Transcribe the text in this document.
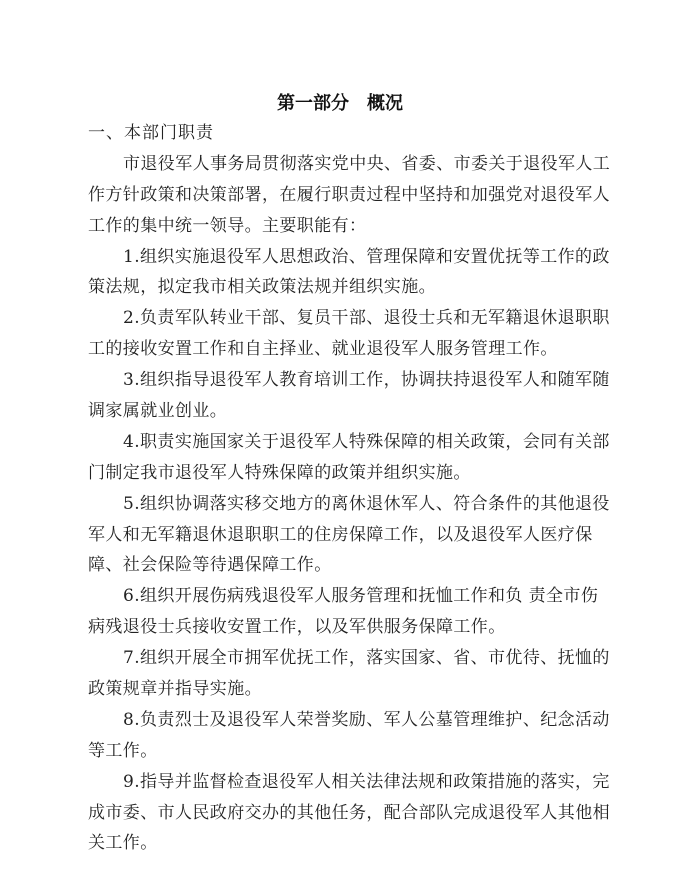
第一部分　概况
一、本部门职责
市退役军人事务局贯彻落实党中央、省委、市委关于退役军人工
作方针政策和决策部署，在履行职责过程中坚持和加强党对退役军人
工作的集中统一领导。主要职能有：
1.组织实施退役军人思想政治、管理保障和安置优抚等工作的政
策法规，拟定我市相关政策法规并组织实施。
2.负责军队转业干部、复员干部、退役士兵和无军籍退休退职职
工的接收安置工作和自主择业、就业退役军人服务管理工作。
3.组织指导退役军人教育培训工作，协调扶持退役军人和随军随
调家属就业创业。
4.职责实施国家关于退役军人特殊保障的相关政策，会同有关部
门制定我市退役军人特殊保障的政策并组织实施。
5.组织协调落实移交地方的离休退休军人、符合条件的其他退役
军人和无军籍退休退职职工的住房保障工作，以及退役军人医疗保
障、社会保险等待遇保障工作。
6.组织开展伤病残退役军人服务管理和抚恤工作和负 责全市伤
病残退役士兵接收安置工作，以及军供服务保障工作。
7.组织开展全市拥军优抚工作，落实国家、省、市优待、抚恤的
政策规章并指导实施。
8.负责烈士及退役军人荣誉奖励、军人公墓管理维护、纪念活动
等工作。
9.指导并监督检查退役军人相关法律法规和政策措施的落实，完
成市委、市人民政府交办的其他任务，配合部队完成退役军人其他相
关工作。
